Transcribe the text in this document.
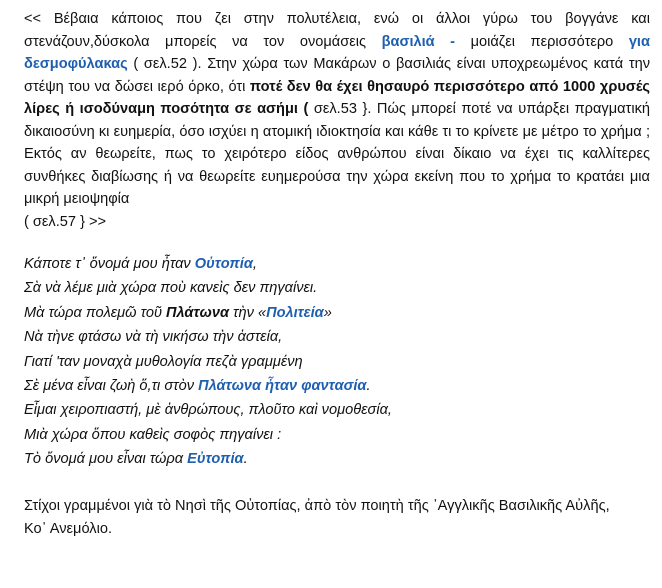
<< Βέβαια κάποιος που ζει στην πολυτέλεια, ενώ οι άλλοι γύρω του βογγάνε και στενάζουν,δύσκολα μπορείς να τον ονομάσεις βασιλιά - μοιάζει περισσότερο για δεσμοφύλακας ( σελ.52 ). Στην χώρα των Μακάρων ο βασιλιάς είναι υποχρεωμένος κατά την στέψη του να δώσει ιερό όρκο, ότι ποτέ δεν θα έχει θησαυρό περισσότερο από 1000 χρυσές λίρες ή ισοδύναμη ποσότητα σε ασήμι ( σελ.53 }. Πώς μπορεί ποτέ να υπάρξει πραγματική δικαιοσύνη κι ευημερία, όσο ισχύει η ατομική ιδιοκτησία και κάθε τι το κρίνετε με μέτρο το χρήμα ; Εκτός αν θεωρείτε, πως το χειρότερο είδος ανθρώπου είναι δίκαιο να έχει τις καλλίτερες συνθήκες διαβίωσης ή να θεωρείτε ευημερούσα την χώρα εκείνη που το χρήμα το κρατάει μια μικρή μειοψηφία

( σελ.57 } >>
Κάποτε τ᾽ ὄνομά μου ἦταν Οὐτοπία,
Σὰ νὰ λέμε μιὰ χώρα ποὺ κανεὶς δεν πηγαίνει.
Μὰ τώρα πολεμῶ τοῦ Πλάτωνα τὴν «Πολιτεία»
Νὰ τὴνε φτάσω νὰ τὴ νικήσω τὴν ἀστεία,
Γιατί 'ταν μοναχὰ μυθολογία πεζὰ γραμμένη
Σὲ μένα εἶναι ζωὴ ὅ,τι στὸν Πλάτωνα ἦταν φαντασία.
Εἶμαι χειροπιαστή, μὲ ἀνθρώπους, πλοῦτο καὶ νομοθεσία,
Μιὰ χώρα ὅπου καθεὶς σοφὸς πηγαίνει :
Τὸ ὄνομά μου εἶναι τώρα Εὐτοπία.
Στίχοι γραμμένοι γιὰ τὸ Νησὶ τῆς Οὐτοπίας, ἀπὸ τὸν ποιητὴ τῆς ᾽Αγγλικῆς Βασιλικῆς Αὐλῆς,
Κο᾽ Ανεμόλιο.
